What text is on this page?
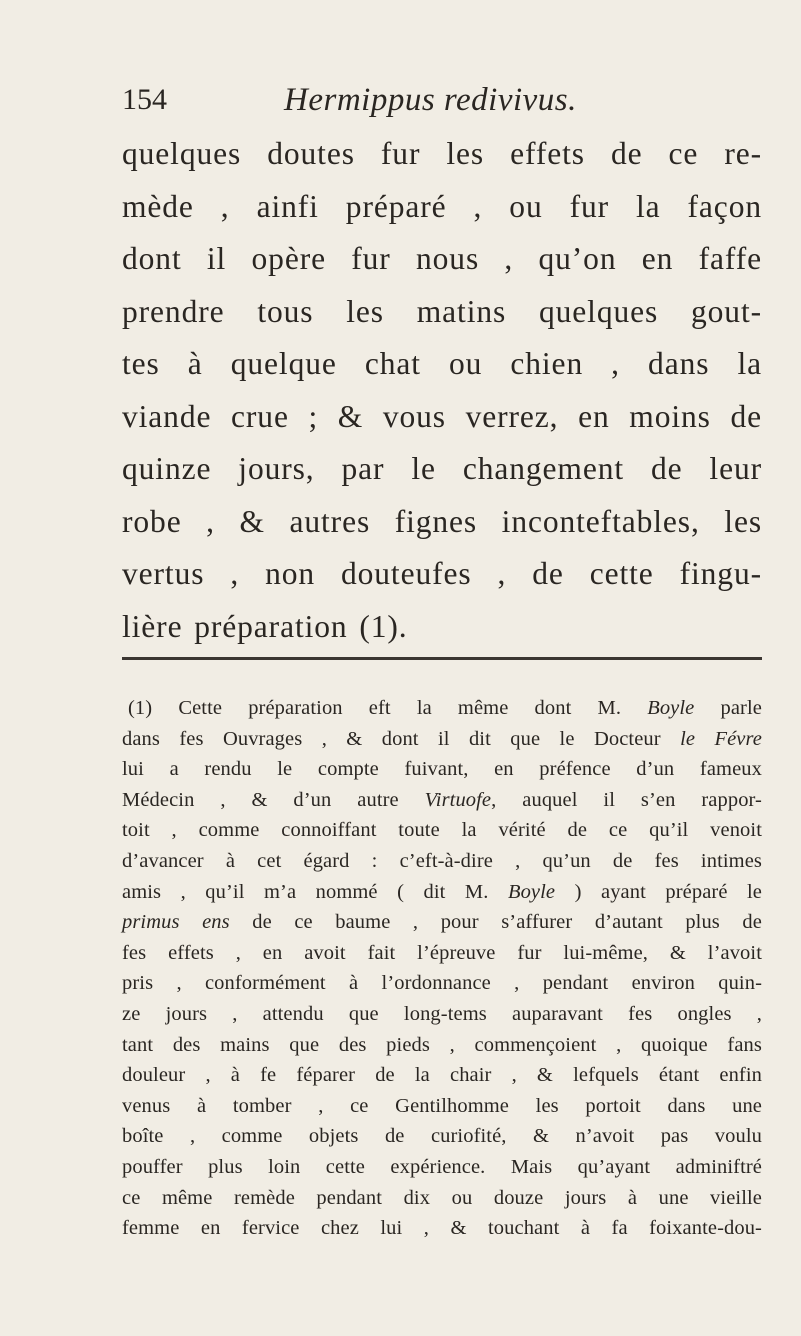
154	Hermippus redivivus.
quelques doutes fur les effets de ce re-
mède , ainfi préparé , ou fur la façon
dont il opère fur nous , qu’on en faffe
prendre tous les matins quelques gout-
tes à quelque chat ou chien , dans la
viande crue ; & vous verrez, en moins de
quinze jours, par le changement de leur
robe , & autres fignes inconteftables, les
vertus , non douteufes , de cette fingu-
lière préparation (1).
(1) Cette préparation eft la même dont M. Boyle parle
dans fes Ouvrages , & dont il dit que le Docteur le Févre
lui a rendu le compte fuivant, en préfence d’un fameux
Médecin , & d’un autre Virtuofe, auquel il s’en rappor-
toit , comme connoiffant toute la vérité de ce qu’il venoit
d’avancer à cet égard : c’eft-à-dire , qu’un de fes intimes
amis , qu’il m’a nommé ( dit M. Boyle ) ayant préparé le
primus ens de ce baume , pour s’affurer d’autant plus de
fes effets , en avoit fait l’épreuve fur lui-même, & l’avoit
pris , conformément à l’ordonnance , pendant environ quin-
ze jours , attendu que long-tems auparavant fes ongles ,
tant des mains que des pieds , commençoient , quoique fans
douleur , à fe féparer de la chair , & lefquels étant enfin
venus à tomber , ce Gentilhomme les portoit dans une
boîte , comme objets de curiofité, & n’avoit pas voulu
pouffer plus loin cette expérience. Mais qu’ayant adminiftré
ce même remède pendant dix ou douze jours à une vieille
femme en fervice chez lui , & touchant à fa foixante-dou-
